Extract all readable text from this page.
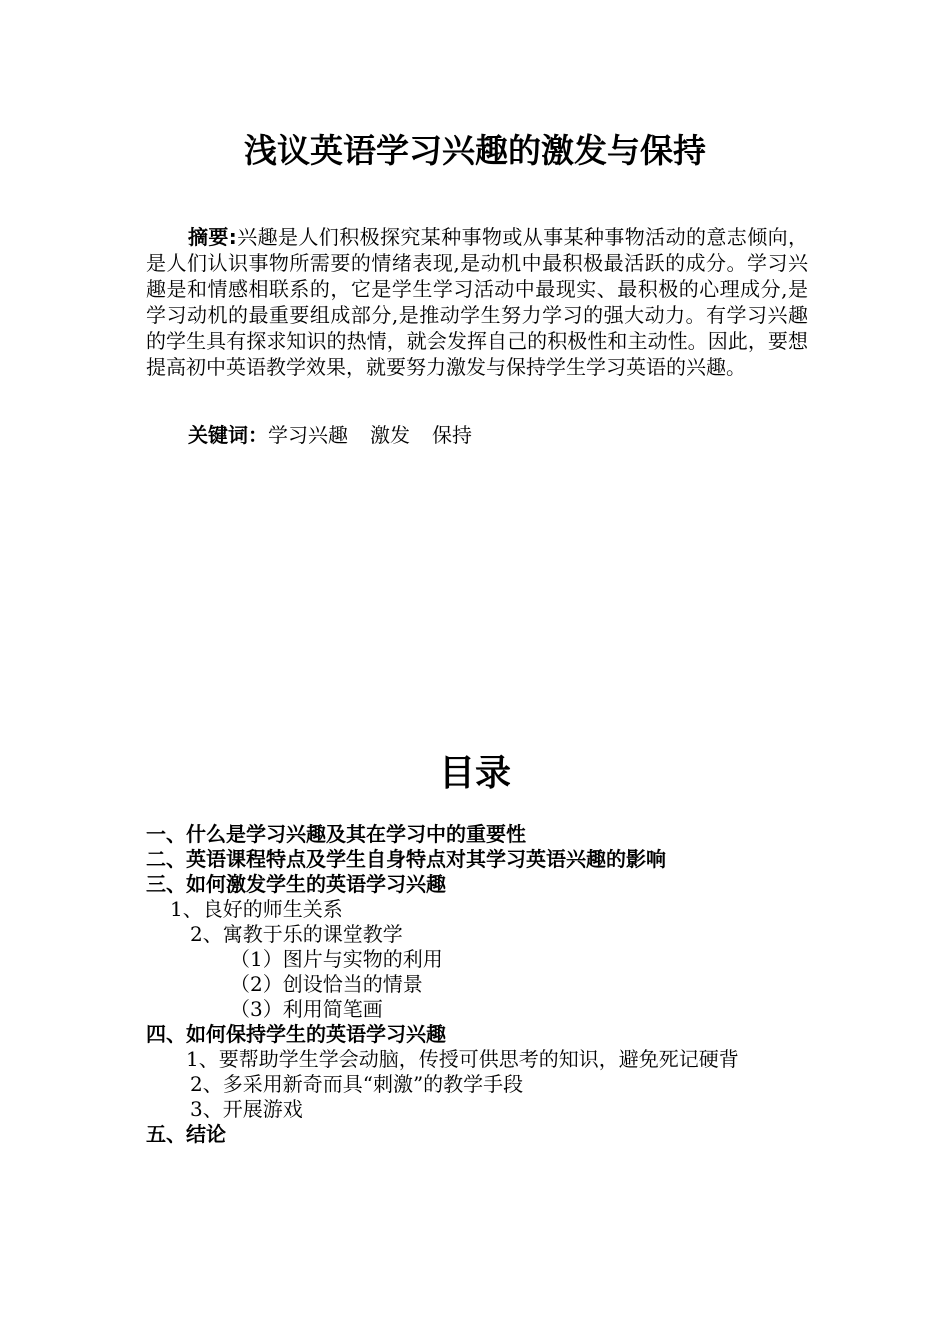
浅议英语学习兴趣的激发与保持

摘要:兴趣是人们积极探究某种事物或从事某种事物活动的意志倾向，是人们认识事物所需要的情绪表现,是动机中最积极最活跃的成分。学习兴趣是和情感相联系的，它是学生学习活动中最现实、最积极的心理成分,是学习动机的最重要组成部分,是推动学生努力学习的强大动力。有学习兴趣的学生具有探求知识的热情，就会发挥自己的积极性和主动性。因此，要想提高初中英语教学效果，就要努力激发与保持学生学习英语的兴趣。

关键词：学习兴趣 激发 保持

目录
一、什么是学习兴趣及其在学习中的重要性
二、英语课程特点及学生自身特点对其学习英语兴趣的影响
三、如何激发学生的英语学习兴趣
1、良好的师生关系
2、寓教于乐的课堂教学
（1）图片与实物的利用
（2）创设恰当的情景
（3）利用简笔画
四、如何保持学生的英语学习兴趣
1、要帮助学生学会动脑，传授可供思考的知识，避免死记硬背
2、多采用新奇而具“刺激”的教学手段
3、开展游戏
五、结论
